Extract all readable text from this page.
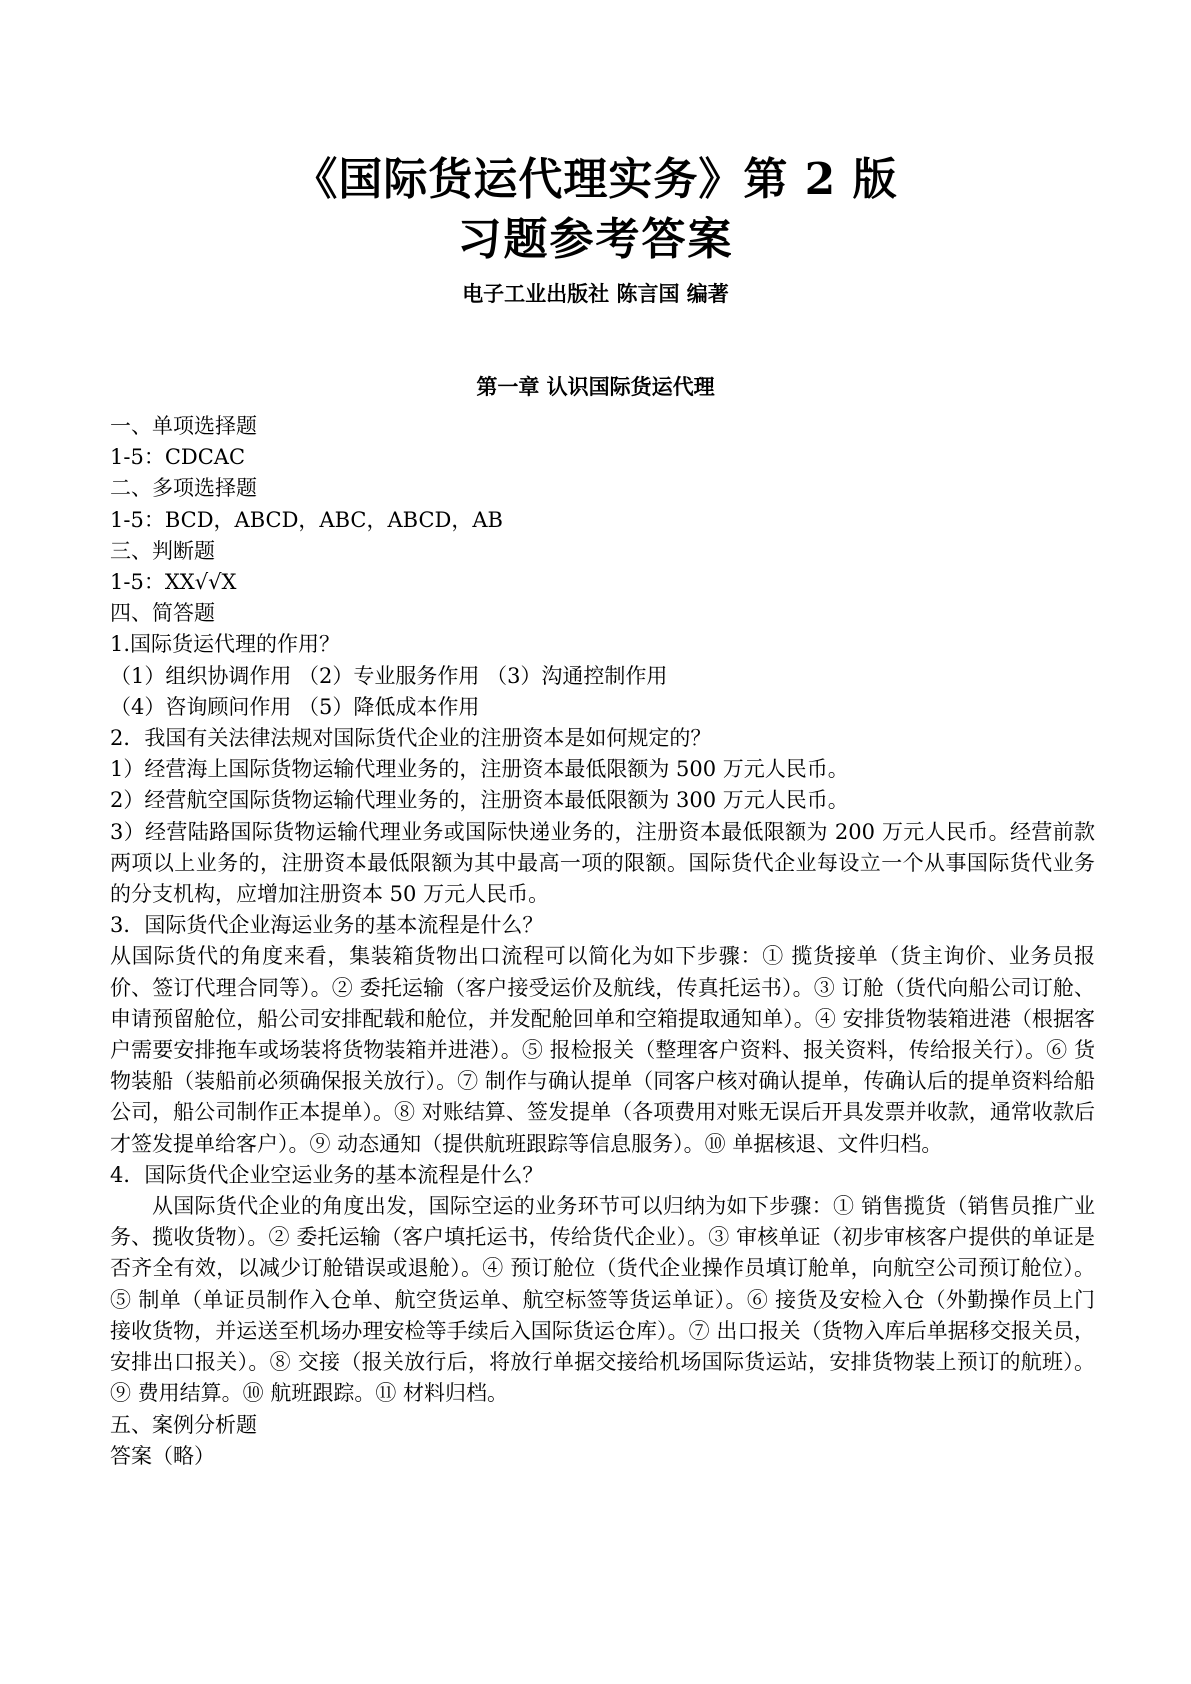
《国际货运代理实务》第 2 版
习题参考答案
电子工业出版社 陈言国 编著
第一章 认识国际货运代理

一、单项选择题

1-5：CDCAC

二、多项选择题

1-5：BCD，ABCD，ABC，ABCD，AB

三、判断题

1-5：XX√√X

四、简答题

1.国际货运代理的作用？

（1）组织协调作用 （2）专业服务作用 （3）沟通控制作用

（4）咨询顾问作用 （5）降低成本作用

2．我国有关法律法规对国际货代企业的注册资本是如何规定的？

1）经营海上国际货物运输代理业务的，注册资本最低限额为 500 万元人民币。

2）经营航空国际货物运输代理业务的，注册资本最低限额为 300 万元人民币。

3）经营陆路国际货物运输代理业务或国际快递业务的，注册资本最低限额为 200 万元人民币。经营前款两项以上业务的，注册资本最低限额为其中最高一项的限额。国际货代企业每设立一个从事国际货代业务的分支机构，应增加注册资本 50 万元人民币。

3．国际货代企业海运业务的基本流程是什么？

从国际货代的角度来看，集装箱货物出口流程可以简化为如下步骤：① 揽货接单（货主询价、业务员报价、签订代理合同等）。② 委托运输（客户接受运价及航线，传真托运书）。③ 订舱（货代向船公司订舱、申请预留舱位，船公司安排配载和舱位，并发配舱回单和空箱提取通知单）。④ 安排货物装箱进港（根据客户需要安排拖车或场装将货物装箱并进港）。⑤ 报检报关（整理客户资料、报关资料，传给报关行）。⑥ 货物装船（装船前必须确保报关放行）。⑦ 制作与确认提单（同客户核对确认提单，传确认后的提单资料给船公司，船公司制作正本提单）。⑧ 对账结算、签发提单（各项费用对账无误后开具发票并收款，通常收款后才签发提单给客户）。⑨ 动态通知（提供航班跟踪等信息服务）。⑩ 单据核退、文件归档。

4．国际货代企业空运业务的基本流程是什么？

从国际货代企业的角度出发，国际空运的业务环节可以归纳为如下步骤：① 销售揽货（销售员推广业务、揽收货物）。② 委托运输（客户填托运书，传给货代企业）。③ 审核单证（初步审核客户提供的单证是否齐全有效，以减少订舱错误或退舱）。④ 预订舱位（货代企业操作员填订舱单，向航空公司预订舱位）。⑤ 制单（单证员制作入仓单、航空货运单、航空标签等货运单证）。⑥ 接货及安检入仓（外勤操作员上门接收货物，并运送至机场办理安检等手续后入国际货运仓库）。⑦ 出口报关（货物入库后单据移交报关员，安排出口报关）。⑧ 交接（报关放行后，将放行单据交接给机场国际货运站，安排货物装上预订的航班）。⑨ 费用结算。⑩ 航班跟踪。⑪ 材料归档。

五、案例分析题

答案（略）
